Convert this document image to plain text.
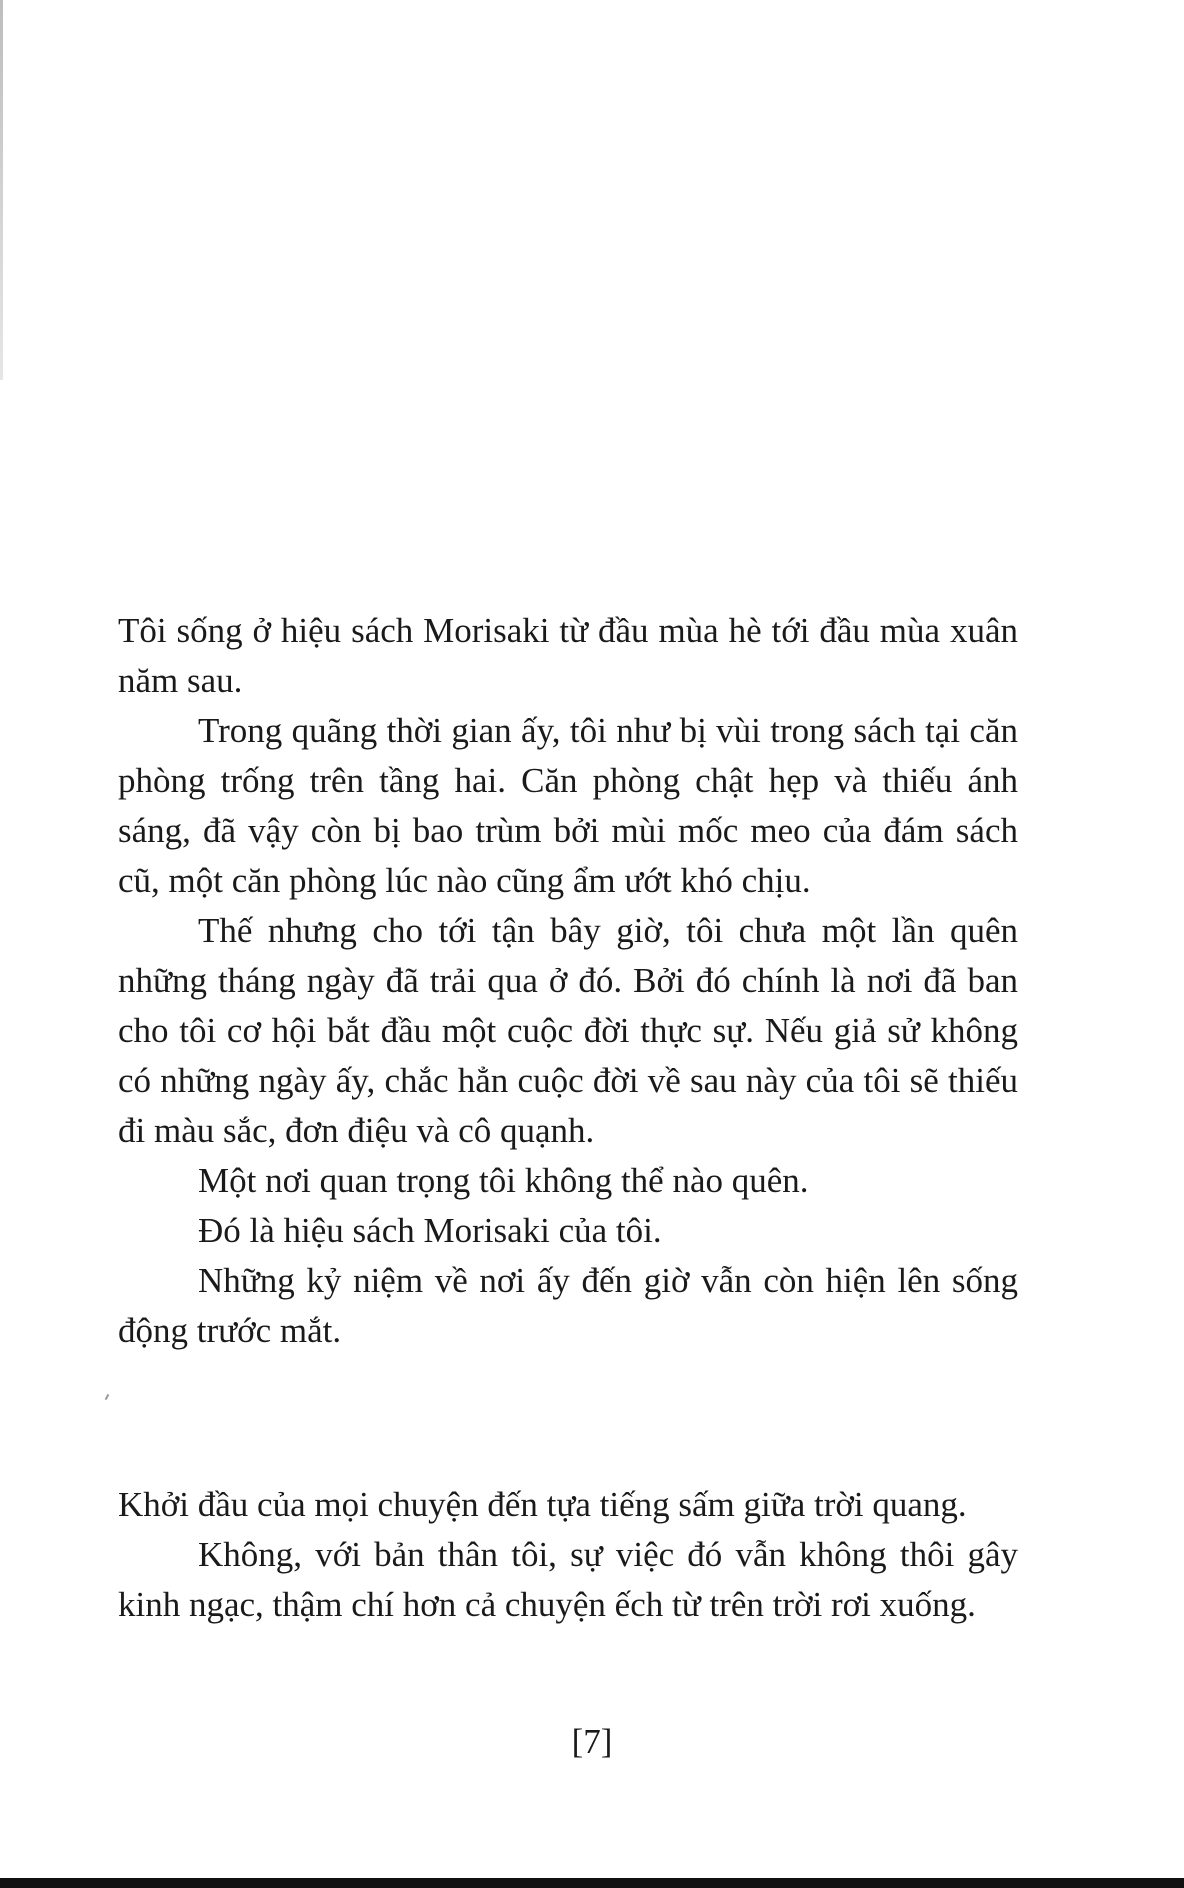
Tôi sống ở hiệu sách Morisaki từ đầu mùa hè tới đầu mùa xuân năm sau.

Trong quãng thời gian ấy, tôi như bị vùi trong sách tại căn phòng trống trên tầng hai. Căn phòng chật hẹp và thiếu ánh sáng, đã vậy còn bị bao trùm bởi mùi mốc meo của đám sách cũ, một căn phòng lúc nào cũng ẩm ướt khó chịu.

Thế nhưng cho tới tận bây giờ, tôi chưa một lần quên những tháng ngày đã trải qua ở đó. Bởi đó chính là nơi đã ban cho tôi cơ hội bắt đầu một cuộc đời thực sự. Nếu giả sử không có những ngày ấy, chắc hẳn cuộc đời về sau này của tôi sẽ thiếu đi màu sắc, đơn điệu và cô quạnh.

Một nơi quan trọng tôi không thể nào quên.

Đó là hiệu sách Morisaki của tôi.

Những kỷ niệm về nơi ấy đến giờ vẫn còn hiện lên sống động trước mắt.

Khởi đầu của mọi chuyện đến tựa tiếng sấm giữa trời quang.

Không, với bản thân tôi, sự việc đó vẫn không thôi gây kinh ngạc, thậm chí hơn cả chuyện ếch từ trên trời rơi xuống.

[7]
